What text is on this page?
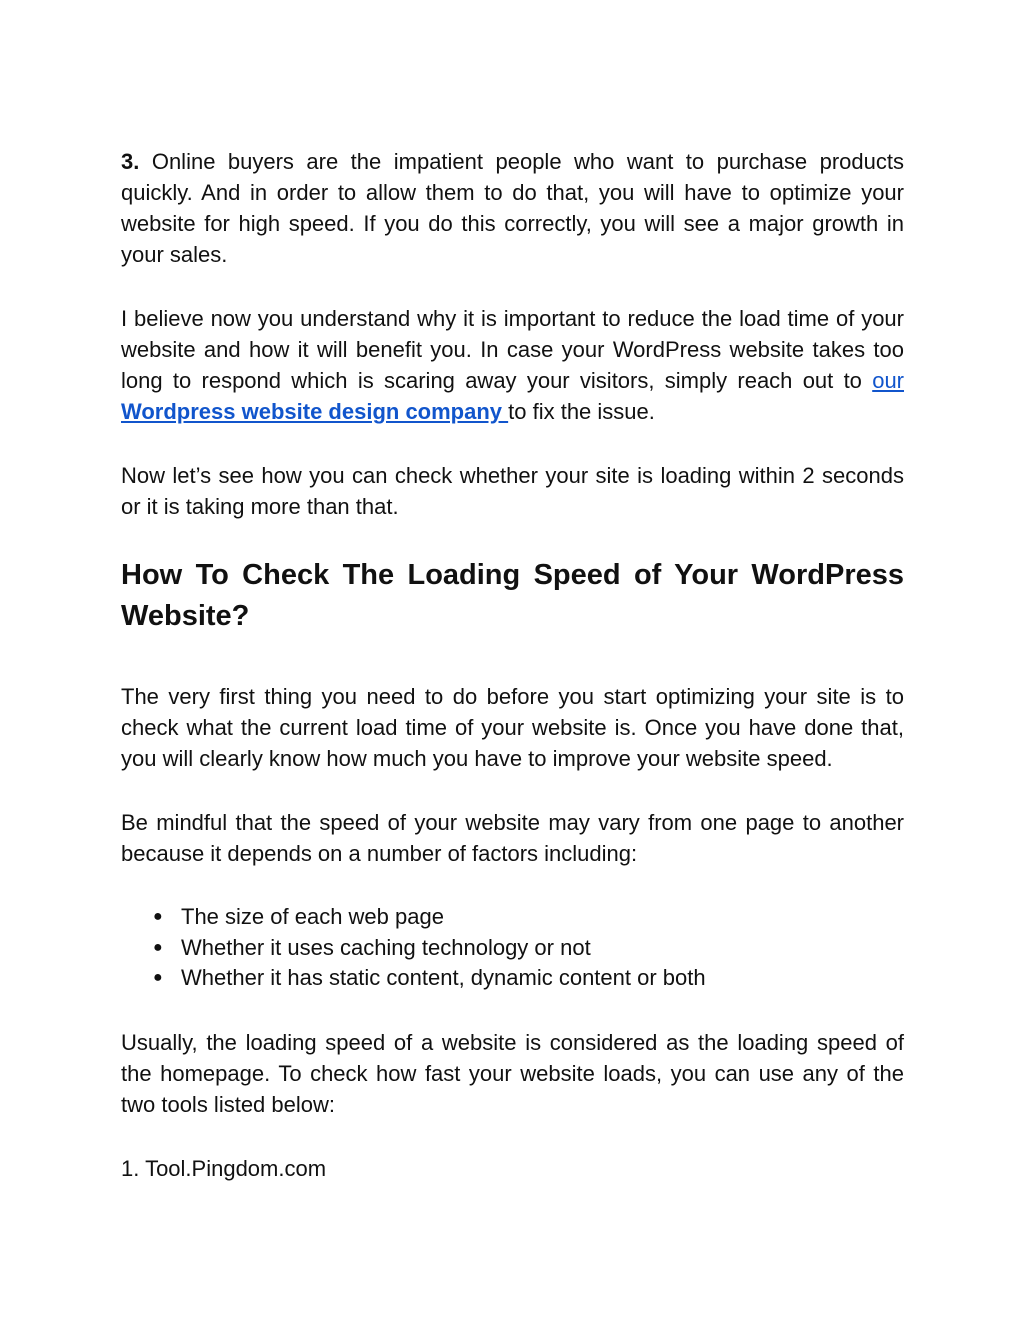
3. Online buyers are the impatient people who want to purchase products quickly. And in order to allow them to do that, you will have to optimize your website for high speed. If you do this correctly, you will see a major growth in your sales.

I believe now you understand why it is important to reduce the load time of your website and how it will benefit you. In case your WordPress website takes too long to respond which is scaring away your visitors, simply reach out to our Wordpress website design company to fix the issue.

Now let’s see how you can check whether your site is loading within 2 seconds or it is taking more than that.

How To Check The Loading Speed of Your WordPress Website?

The very first thing you need to do before you start optimizing your site is to check what the current load time of your website is. Once you have done that, you will clearly know how much you have to improve your website speed.

Be mindful that the speed of your website may vary from one page to another because it depends on a number of factors including:

● The size of each web page
● Whether it uses caching technology or not
● Whether it has static content, dynamic content or both

Usually, the loading speed of a website is considered as the loading speed of the homepage. To check how fast your website loads, you can use any of the two tools listed below:

1. Tool.Pingdom.com
